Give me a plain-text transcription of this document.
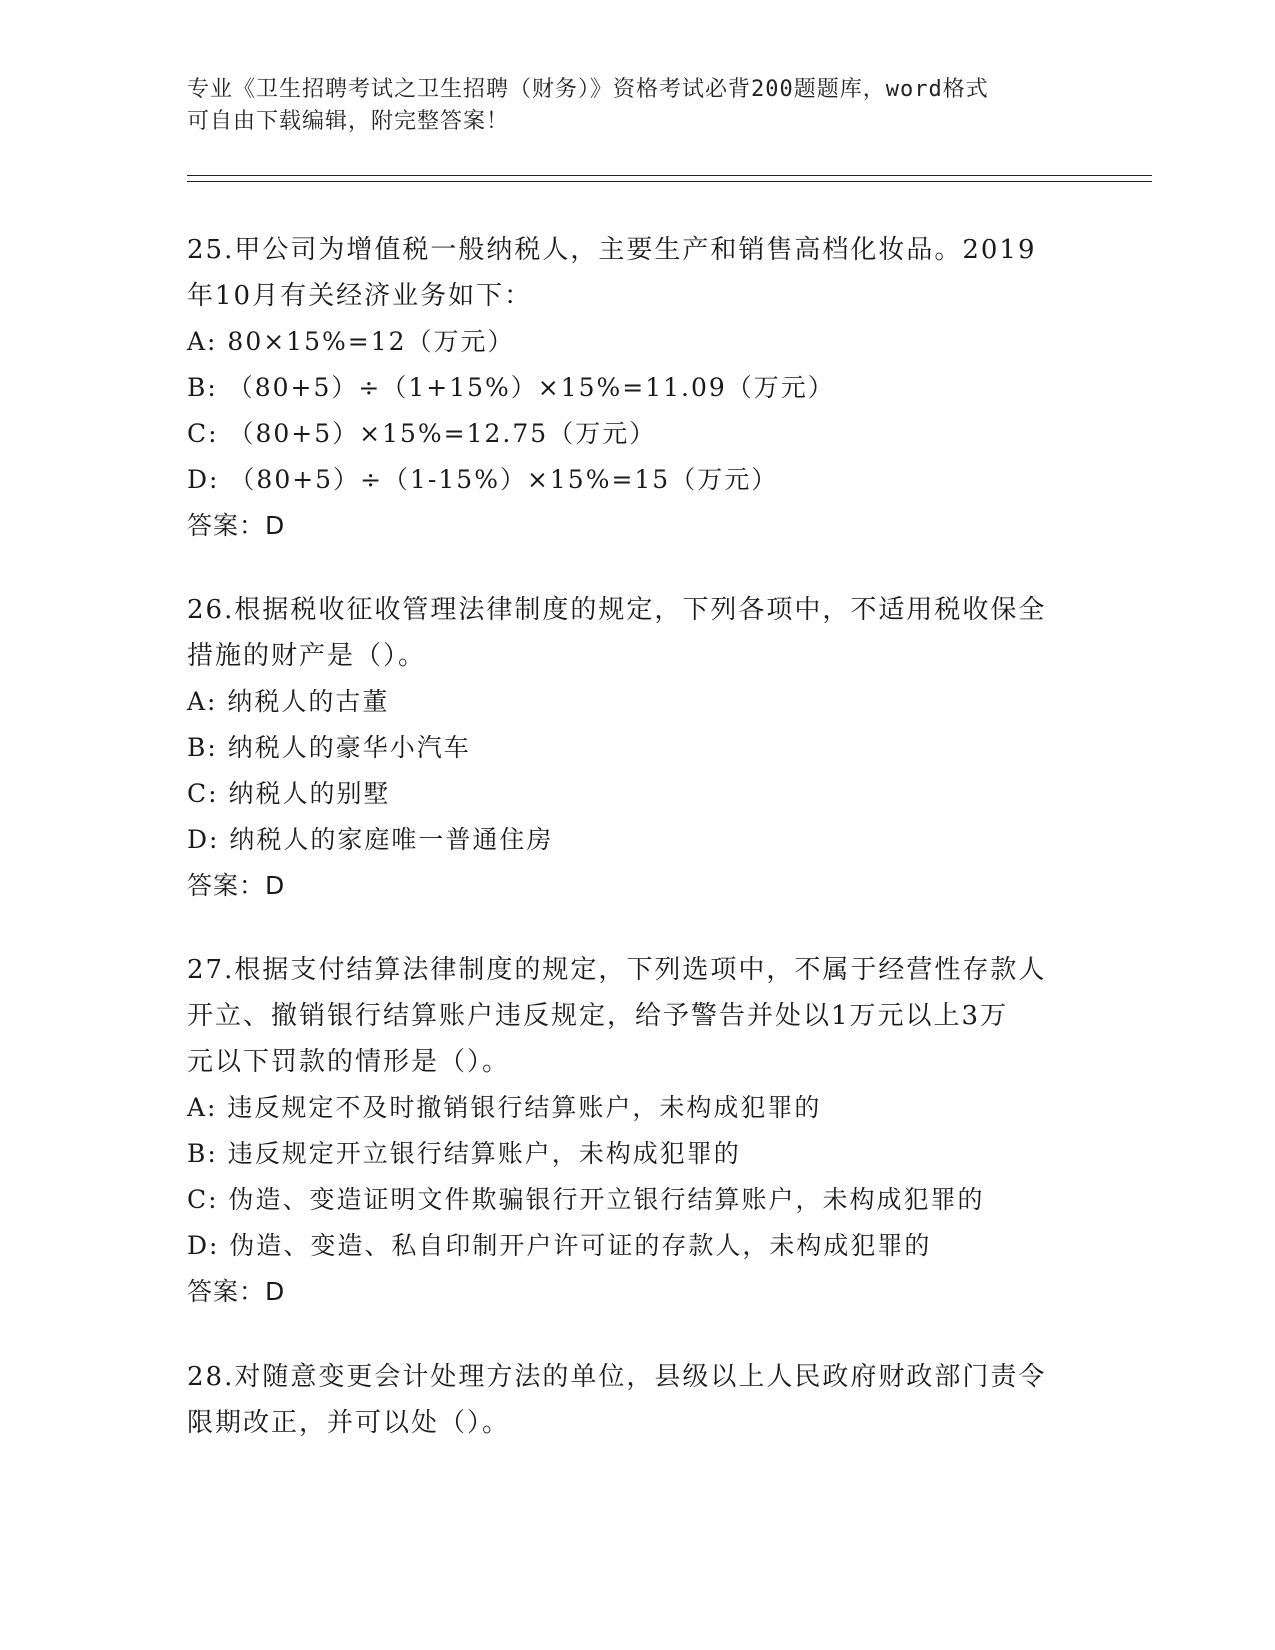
专业《卫生招聘考试之卫生招聘（财务）》资格考试必背200题题库，word格式
可自由下载编辑，附完整答案！

25.甲公司为增值税一般纳税人，主要生产和销售高档化妆品。2019

年10月有关经济业务如下：

A: 80×15%=12（万元）

B: （80+5）÷（1+15%）×15%=11.09（万元）

C: （80+5）×15%=12.75（万元）

D: （80+5）÷（1-15%）×15%=15（万元）

答案：D

26.根据税收征收管理法律制度的规定，下列各项中，不适用税收保全

措施的财产是（）。

A: 纳税人的古董

B: 纳税人的豪华小汽车

C: 纳税人的别墅

D: 纳税人的家庭唯一普通住房

答案：D

27.根据支付结算法律制度的规定，下列选项中，不属于经营性存款人

开立、撤销银行结算账户违反规定，给予警告并处以1万元以上3万

元以下罚款的情形是（）。

A: 违反规定不及时撤销银行结算账户，未构成犯罪的

B: 违反规定开立银行结算账户，未构成犯罪的

C: 伪造、变造证明文件欺骗银行开立银行结算账户，未构成犯罪的

D: 伪造、变造、私自印制开户许可证的存款人，未构成犯罪的

答案：D

28.对随意变更会计处理方法的单位，县级以上人民政府财政部门责令

限期改正，并可以处（）。
